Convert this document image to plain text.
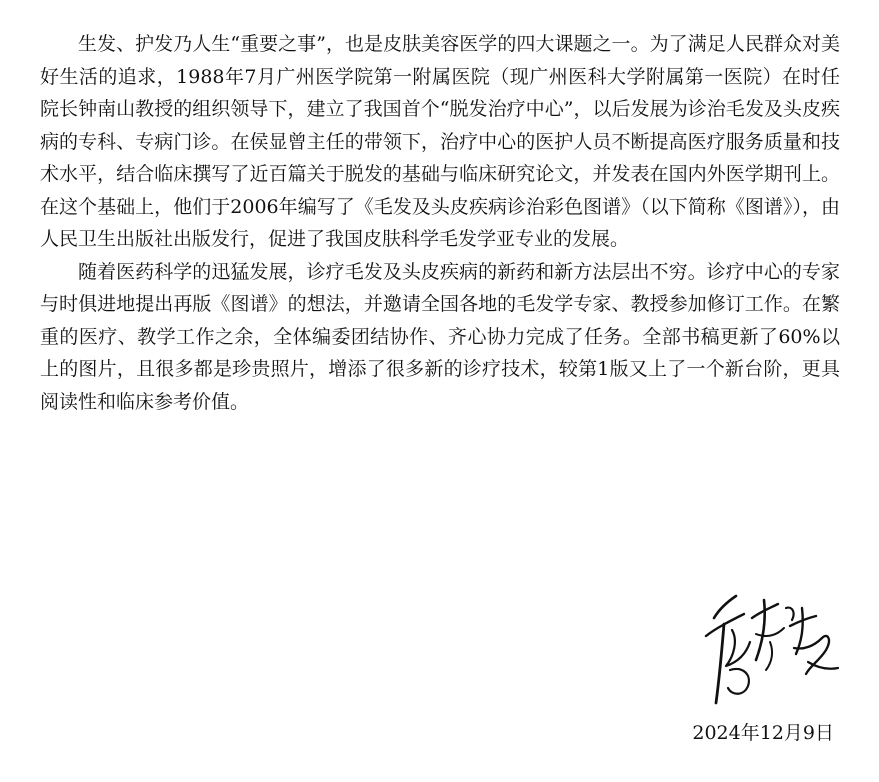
生发、护发乃人生“重要之事”，也是皮肤美容医学的四大课题之一。为了满足人民群众对美好生活的追求，1988年7月广州医学院第一附属医院（现广州医科大学附属第一医院）在时任院长钟南山教授的组织领导下，建立了我国首个“脱发治疗中心”，以后发展为诊治毛发及头皮疾病的专科、专病门诊。在侯显曾主任的带领下，治疗中心的医护人员不断提高医疗服务质量和技术水平，结合临床撰写了近百篇关于脱发的基础与临床研究论文，并发表在国内外医学期刊上。在这个基础上，他们于2006年编写了《毛发及头皮疾病诊治彩色图谱》（以下简称《图谱》），由人民卫生出版社出版发行，促进了我国皮肤科学毛发学亚专业的发展。

随着医药科学的迅猛发展，诊疗毛发及头皮疾病的新药和新方法层出不穷。诊疗中心的专家与时俱进地提出再版《图谱》的想法，并邀请全国各地的毛发学专家、教授参加修订工作。在繁重的医疗、教学工作之余，全体编委团结协作、齐心协力完成了任务。全部书稿更新了60%以上的图片，且很多都是珍贵照片，增添了很多新的诊疗技术，较第1版又上了一个新台阶，更具阅读性和临床参考价值。

2024年12月9日
